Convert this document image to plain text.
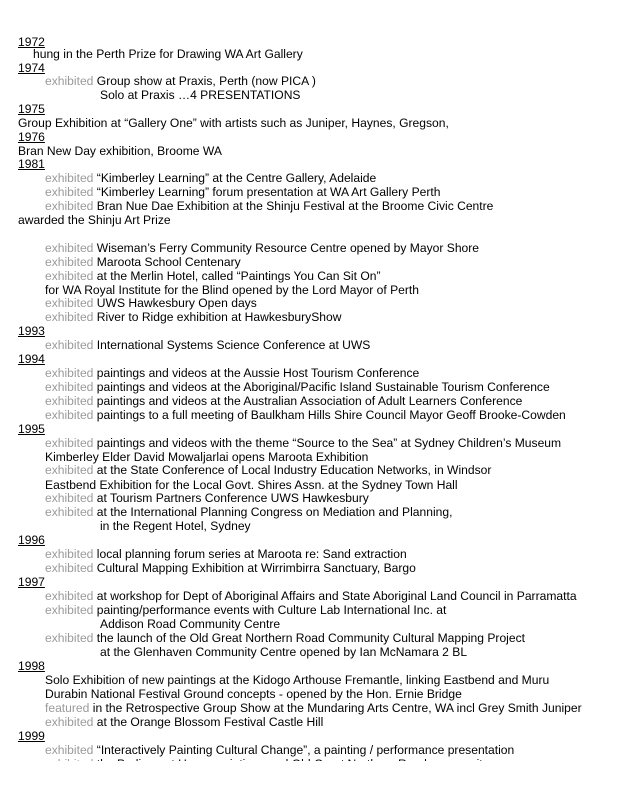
1972
hung in the Perth Prize for Drawing WA Art Gallery
1974
exhibited Group show at Praxis, Perth (now PICA )
Solo at Praxis …4 PRESENTATIONS
1975
Group Exhibition at “Gallery One” with artists such as Juniper, Haynes, Gregson,
1976
Bran New Day exhibition, Broome WA
1981
exhibited “Kimberley Learning” at the Centre Gallery, Adelaide
exhibited “Kimberley Learning” forum presentation at WA Art Gallery Perth
exhibited Bran Nue Dae Exhibition at the Shinju Festival at the Broome Civic Centre
awarded the Shinju Art Prize
exhibited Wiseman’s Ferry Community Resource Centre opened by Mayor Shore
exhibited Maroota School Centenary
exhibited at the Merlin Hotel, called “Paintings You Can Sit On”
for WA Royal Institute for the Blind opened by the Lord Mayor of Perth
exhibited UWS Hawkesbury Open days
exhibited River to Ridge exhibition at HawkesburyShow
1993
exhibited International Systems Science Conference at UWS
1994
exhibited paintings and videos at the Aussie Host Tourism Conference
exhibited paintings and videos at the Aboriginal/Pacific Island Sustainable Tourism Conference
exhibited paintings and videos at the Australian Association of Adult Learners Conference
exhibited paintings to a full meeting of Baulkham Hills Shire Council Mayor Geoff Brooke-Cowden
1995
exhibited paintings and videos with the theme “Source to the Sea” at Sydney Children’s Museum
Kimberley Elder David Mowaljarlai opens Maroota Exhibition
exhibited at the State Conference of Local Industry Education Networks, in Windsor
Eastbend Exhibition for the Local Govt. Shires Assn. at the Sydney Town Hall
exhibited at Tourism Partners Conference UWS Hawkesbury
exhibited at the International Planning Congress on Mediation and Planning,
in the Regent Hotel, Sydney
1996
exhibited local planning forum series at Maroota re: Sand extraction
exhibited Cultural Mapping Exhibition at Wirrimbirra Sanctuary, Bargo
1997
exhibited at workshop for Dept of Aboriginal Affairs and State Aboriginal Land Council in Parramatta
exhibited painting/performance events with Culture Lab International Inc. at
Addison Road Community Centre
exhibited the launch of the Old Great Northern Road Community Cultural Mapping Project
at the Glenhaven Community Centre opened by Ian McNamara 2 BL
1998
Solo Exhibition of new paintings at the Kidogo Arthouse Fremantle, linking Eastbend and Muru
Durabin National Festival Ground concepts - opened by the Hon. Ernie Bridge
featured in the Retrospective Group Show at the Mundaring Arts Centre, WA incl Grey Smith Juniper
exhibited at the Orange Blossom Festival Castle Hill
1999
exhibited “Interactively Painting Cultural Change”, a painting / performance presentation
